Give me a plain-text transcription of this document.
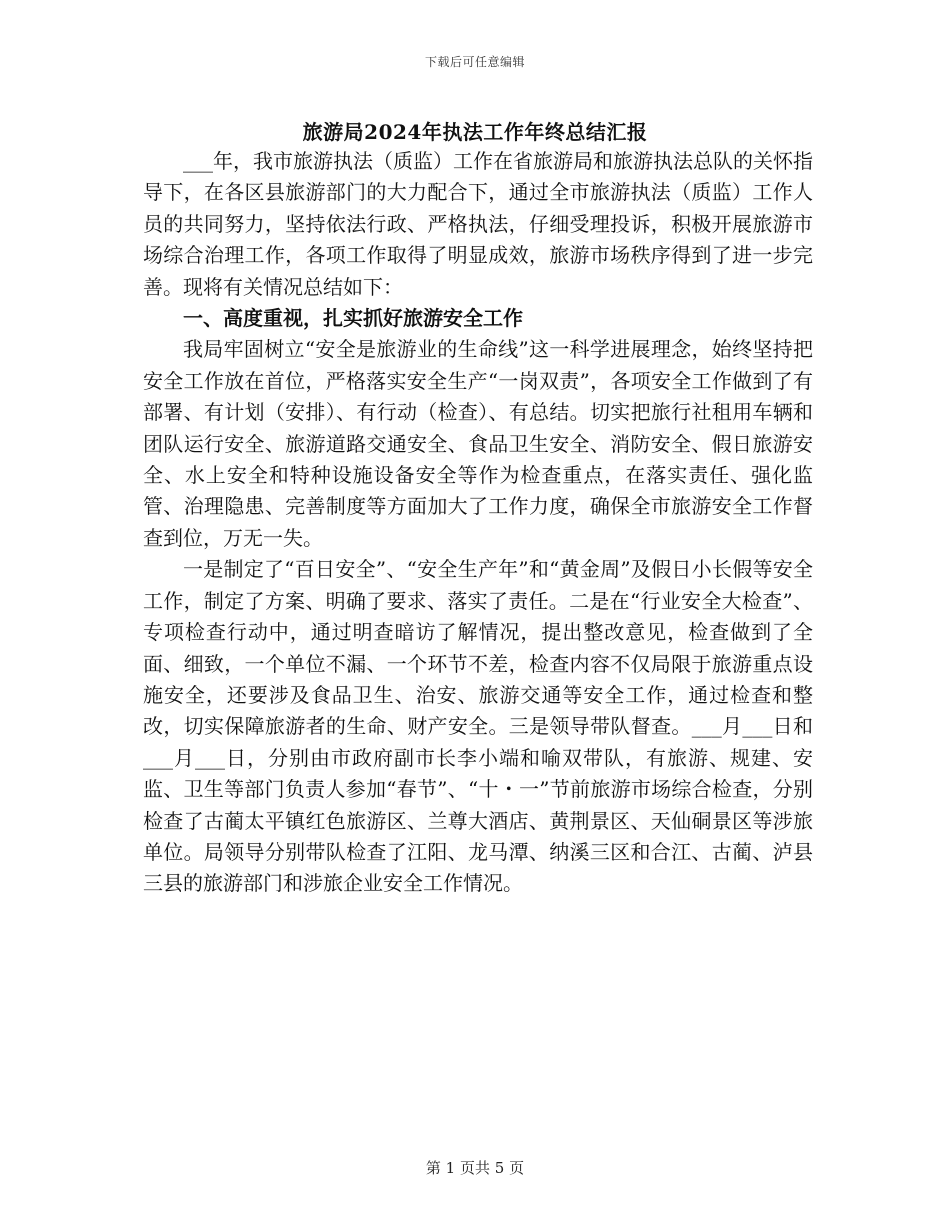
下载后可任意编辑
旅游局2024年执法工作年终总结汇报

___年，我市旅游执法（质监）工作在省旅游局和旅游执法总队的关怀指导下，在各区县旅游部门的大力配合下，通过全市旅游执法（质监）工作人员的共同努力，坚持依法行政、严格执法，仔细受理投诉，积极开展旅游市场综合治理工作，各项工作取得了明显成效，旅游市场秩序得到了进一步完善。现将有关情况总结如下：

一、高度重视，扎实抓好旅游安全工作

我局牢固树立“安全是旅游业的生命线”这一科学进展理念，始终坚持把安全工作放在首位，严格落实安全生产“一岗双责”，各项安全工作做到了有部署、有计划（安排）、有行动（检查）、有总结。切实把旅行社租用车辆和团队运行安全、旅游道路交通安全、食品卫生安全、消防安全、假日旅游安全、水上安全和特种设施设备安全等作为检查重点，在落实责任、强化监管、治理隐患、完善制度等方面加大了工作力度，确保全市旅游安全工作督查到位，万无一失。

一是制定了“百日安全”、“安全生产年”和“黄金周”及假日小长假等安全工作，制定了方案、明确了要求、落实了责任。二是在“行业安全大检查”、专项检查行动中，通过明查暗访了解情况，提出整改意见，检查做到了全面、细致，一个单位不漏、一个环节不差，检查内容不仅局限于旅游重点设施安全，还要涉及食品卫生、治安、旅游交通等安全工作，通过检查和整改，切实保障旅游者的生命、财产安全。三是领导带队督查。___月___日和___月___日，分别由市政府副市长李小端和喻双带队，有旅游、规建、安监、卫生等部门负责人参加“春节”、“十・一”节前旅游市场综合检查，分别检查了古蔺太平镇红色旅游区、兰尊大酒店、黄荆景区、天仙硐景区等涉旅单位。局领导分别带队检查了江阳、龙马潭、纳溪三区和合江、古蔺、泸县三县的旅游部门和涉旅企业安全工作情况。

第 1 页共 5 页
